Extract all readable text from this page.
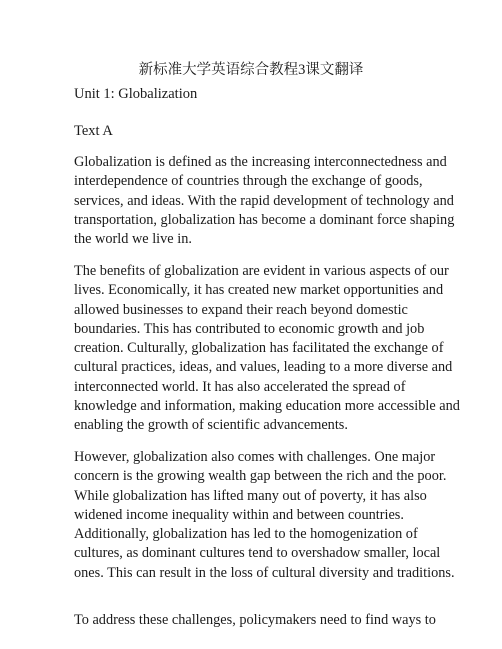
新标准大学英语综合教程3课文翻译
Unit 1: Globalization
Text A
Globalization is defined as the increasing interconnectedness and
interdependence of countries through the exchange of goods,
services, and ideas. With the rapid development of technology and
transportation, globalization has become a dominant force shaping
the world we live in.
The benefits of globalization are evident in various aspects of our
lives. Economically, it has created new market opportunities and
allowed businesses to expand their reach beyond domestic
boundaries. This has contributed to economic growth and job
creation. Culturally, globalization has facilitated the exchange of
cultural practices, ideas, and values, leading to a more diverse and
interconnected world. It has also accelerated the spread of
knowledge and information, making education more accessible and
enabling the growth of scientific advancements.
However, globalization also comes with challenges. One major
concern is the growing wealth gap between the rich and the poor.
While globalization has lifted many out of poverty, it has also
widened income inequality within and between countries.
Additionally, globalization has led to the homogenization of
cultures, as dominant cultures tend to overshadow smaller, local
ones. This can result in the loss of cultural diversity and traditions.
To address these challenges, policymakers need to find ways to
